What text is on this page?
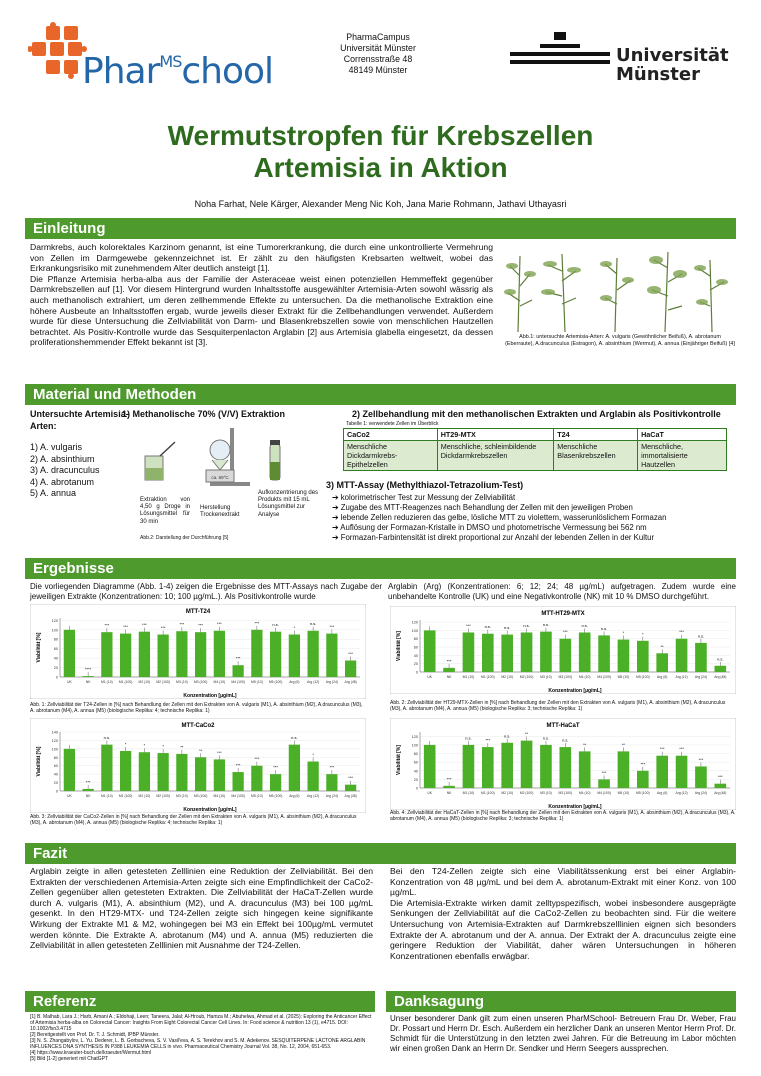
Phar$^{MS}$chool
PharmaCampus
Universität Münster
Corrensstraße 48
48149 Münster
Universität
Münster
Wermutstropfen für Krebszellen
Artemisia in Aktion
Noha Farhat, Nele Kärger, Alexander Meng Nic Koh, Jana Marie Rohmann, Jathavi Uthayasri
Einleitung

Darmkrebs, auch kolorektales Karzinom genannt, ist eine Tumorerkrankung, die durch eine unkontrollierte Vermehrung von Zellen im Darmgewebe gekennzeichnet ist. Er zählt zu den häufigsten Krebsarten weltweit, wobei das Erkrankungsrisiko mit zunehmendem Alter deutlich ansteigt [1].

Die Pflanze Artemisia herba-alba aus der Familie der Asteraceae weist einen potenziellen Hemmeffekt gegenüber Darmkrebszellen auf [1]. Vor diesem Hintergrund wurden Inhaltsstoffe ausgewählter Artemisia-Arten sowohl wässrig als auch methanolisch extrahiert, um deren zellhemmende Effekte zu untersuchen. Da die methanolische Extraktion eine höhere Ausbeute an Inhaltsstoffen ergab, wurde jeweils dieser Extrakt für die Zellbehandlungen verwendet. Außerdem wurde für diese Untersuchung die Zellviabilität von Darm- und Blasenkrebszellen sowie von menschlichen Hautzellen betrachtet. Als Positiv-Kontrolle wurde das Sesquiterpenlacton Arglabin [2] aus Artemisia glabella eingesetzt, da dessen proliferationshemmender Effekt bekannt ist [3].

Abb.1: untersuchte Artemisia-Arten: A. vulgaris (Gewöhnlicher Beifuß), A. abrotanum (Eberraute), A.dracunculus (Estragon), A. absinthium (Wermut), A. annua (Einjähriger Beifuß) [4]
Material und Methoden
Untersuchte Artemisia-Arten:
1) A. vulgaris
2) A. absinthium
3) A. dracunculus
4) A. abrotanum
5) A. annua
1) Methanolische 70% (V/V) Extraktion
ca. 69°C
Extraktion von 4,50 g Droge in Lösungsmittel für 30 min
Herstellung Trockenextrakt
Aufkonzentrierung des Produkts mit 15 mL Lösungsmittel zur Analyse
Abb.2: Darstellung der Durchführung [5]
2) Zellbehandlung mit den methanolischen Extrakten und Arglabin als Positivkontrolle
Tabelle 1: verwendete Zellen im Überblick
CaCo2	HT29-MTX	T24	HaCaT
Menschliche Dickdarmkrebs-Epithelzellen	Menschliche, schleimbildende Dickdarmkrebszellen	Menschliche Blasenkrebszellen	Menschliche, immortalisierte Hautzellen
3) MTT-Assay (Methylthiazol-Tetrazolium-Test)
➔ kolorimetrischer Test zur Messung der Zellviabilität
➔ Zugabe des MTT-Reagenzes nach Behandlung der Zellen mit den jeweiligen Proben
➔ lebende Zellen reduzieren das gelbe, lösliche MTT zu violettem, wasserunlöslichem Formazan
➔ Auflösung der Formazan-Kristalle in DMSO und photometrische Vermessung bei 562 nm
➔ Formazan-Farbintensität ist direkt proportional zur Anzahl der lebenden Zellen in der Kultur
Ergebnisse
Die vorliegenden Diagramme (Abb. 1-4) zeigen die Ergebnisse des MTT-Assays nach Zugabe der jeweiligen Extrakte (Konzentrationen: 10; 100 µg/mL.). Als Positivkontrolle wurde
Arglabin (Arg) (Konzentrationen: 6; 12; 24; 48 µg/mL) aufgetragen. Zudem wurde eine unbehandelte Kontrolle (UK) und eine Negativkontrolle (NK) mit 10 % DMSO durchgeführt.
MTT-T24
Viabilität [%]
Konzentration [µg/mL]
0
20
40
60
80
100
120
UK
****
NK
***
M1 (10)
***
M1 (100)
***
M2 (10)
***
M2 (100)
***
M3 (10)
***
M3 (100)
***
M4 (10)
***
M4 (100)
***
M5 (10)
n.s.
M5 (100)
*
Arg (6)
n.s.
Arg (12)
***
Arg (24)
***
Arg (48)
Abb. 1: Zellviabilität der T24-Zellen in [%] nach Behandlung der Zellen mit den Extrakten von A. vulgaris (M1), A. absinthium (M2), A.dracunculus (M3), A. abrotanum (M4), A. annua (M5) (biologische Replika: 4; technische Replika: 1)
MTT-HT29-MTX
Viabilität [%]
Konzentration [µg/mL]
0
20
40
60
80
100
120
UK
***
NK
***
M1 (10)
n.s.
M1 (100)
n.s.
M2 (10)
n.s.
M2 (100)
n.s.
M3 (10)
***
M3 (100)
n.s.
M4 (10)
n.s.
M4 (100)
*
M5 (10)
*
M5 (100)
**
Arg (6)
***
Arg (12)
n.s.
Arg (24)
n.s.
Arg (48)
Abb. 2: Zellviabilität der HT29-MTX-Zellen in [%] nach Behandlung der Zellen mit den Extrakten von A. vulgaris (M1), A. absinthium (M2), A.dracunculus (M3), A. abrotanum (M4), A. annua (M5) (biologische Replika: 3; technische Replika: 1)
MTT-CaCo2
Viabilität [%]
Konzentration [µg/mL]
0
20
40
60
80
100
120
140
UK
***
NK
n.s.
M1 (10)
*
M1 (100)
*
M2 (10)
*
M2 (100)
**
M3 (10)
**
M3 (100)
***
M4 (10)
***
M4 (100)
***
M5 (10)
***
M5 (100)
n.s.
Arg (6)
*
Arg (12)
***
Arg (24)
***
Arg (48)
Abb. 3: Zellviabilität der CaCo2-Zellen in [%] nach Behandlung der Zellen mit den Extrakten von A. vulgaris (M1), A. absinthium (M2), A.dracunculus (M3), A. abrotanum (M4), A. annua (M5) (biologische Replika: 4; technische Replika: 1)
MTT-HaCaT
Viabilität [%]
Konzentration [µg/mL]
0
20
40
60
80
100
120
UK
***
NK
n.s.
M1 (10)
***
M1 (100)
n.s.
M2 (10)
**
M2 (100)
n.s.
M3 (10)
n.s.
M3 (100)
**
M4 (10)
***
M4 (100)
**
M5 (10)
***
M5 (100)
***
Arg (6)
***
Arg (12)
***
Arg (24)
***
Arg (48)
Abb. 4: Zellviabilität der HaCaT-Zellen in [%] nach Behandlung der Zellen mit den Extrakten von A. vulgaris (M1), A. absinthium (M2), A.dracunculus (M3), A. abrotanum (M4), A. annua (M5) (biologische Replika: 3; technische Replika: 1)
Fazit
Arglabin zeigte in allen getesteten Zelllinien eine Reduktion der Zellviabilität. Bei den Extrakten der verschiedenen Artemisia-Arten zeigte sich eine Empfindlichkeit der CaCo2-Zellen gegenüber allen getesteten Extrakten. Die Zellviabilität der HaCaT-Zellen wurde durch A. vulgaris (M1), A. absinthium (M2), und A. dracunculus (M3) bei 100 µg/mL gesenkt. In den HT29-MTX- und T24-Zellen zeigte sich hingegen keine signifikante Wirkung der Extrakte M1 & M2, wohingegen bei M3 ein Effekt bei 100µg/mL vermutet werden könnte. Die Extrakte A. abrotanum (M4) und A. annua (M5) reduzierten die Zellviabilität in allen getesteten Zelllinien mit Ausnahme der T24-Zellen.

Bei den T24-Zellen zeigte sich eine Viabilitätssenkung erst bei einer Arglabin-Konzentration von 48 µg/mL und bei dem A. abrotanum-Extrakt mit einer Konz. von 100 µg/mL.

Die Artemisia-Extrakte wirken damit zelltypspezifisch, wobei insbesondere ausgeprägte Senkungen der Zellviabilität auf die CaCo2-Zellen zu beobachten sind. Für die weitere Untersuchung von Artemisia-Extrakten auf Darmkrebszelllinien eignen sich besonders Extrakte der A. abrotanum und der A. annua. Der Extrakt der A. dracunculus zeigte eine geringere Reduktion der Viabilität, daher wären Untersuchungen in höheren Konzentrationen ebenfalls erwägbar.

Referenz
[1] B. Malhab, Lara J.; Harb, Amani A.; Eldohaji, Leen; Taneera, Jalal; Al-Hroub, Hamza M.; Abuhelwa, Ahmad et al. (2025): Exploring the Anticancer Effect of Artemisia herba-alba on Colorectal Cancer: Insights From Eight Colorectal Cancer Cell Lines. In: Food science & nutrition 13 (1), e4715. DOI: 10.1002/fsn3.4715
[2] Bereitgestellt von Prof. Dr. T. J. Schmidt, IPBP Münster.
[3] N. S. Zhangabylov, L. Yu. Dederer, L. B. Gorbacheva, S. V. Vasil'eva, A. S. Terekhov and S. M. Adekenov. SESQUITERPENE LACTONE ARGLABIN INFLUENCES DNA SYNTHESIS IN P388 LEUKEMIA CELLS in vivo. Pharmaceutical Chemistry Journal Vol. 38, No. 12, 2004, 651-653.
[4] https://www.kraeuter-buch.de/kraeuter/Wermut.html
[5] Bild [1-2] generiert mit ChatGPT
Danksagung
Unser besonderer Dank gilt zum einen unseren PharMSchool- Betreuern Frau Dr. Weber, Frau Dr. Possart und Herrn Dr. Esch. Außerdem ein herzlicher Dank an unseren Mentor Herrn Prof. Dr. Schmidt für die Unterstützung in den letzten zwei Jahren. Für die Betreuung im Labor möchten wir einen großen Dank an Herrn Dr. Sendker und Herrn Seegers aussprechen.
